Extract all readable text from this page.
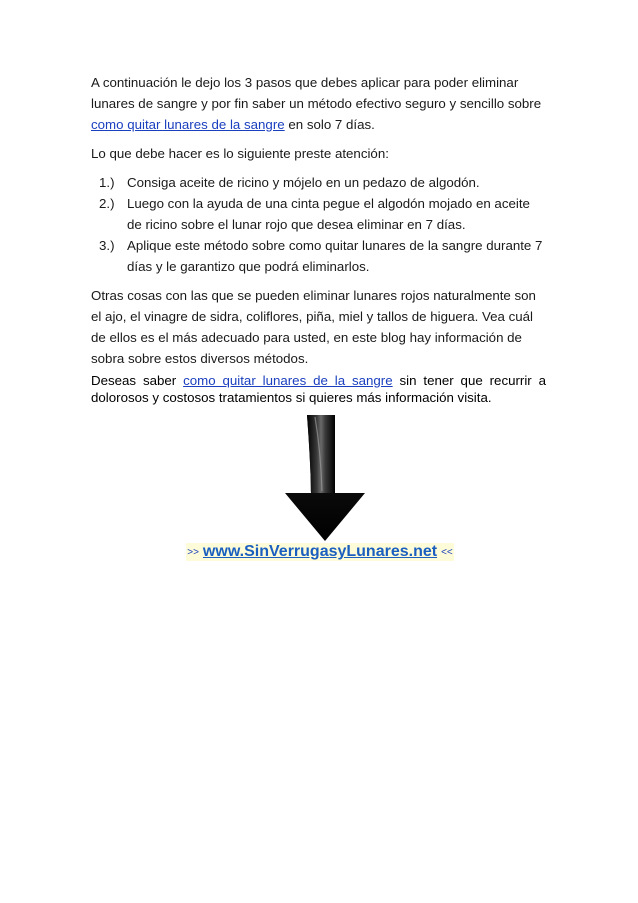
A continuación le dejo los 3 pasos que debes aplicar para poder eliminar lunares de sangre y por fin saber un método efectivo seguro y sencillo sobre como quitar lunares de la sangre en solo 7 días.

Lo que debe hacer es lo siguiente preste atención:

1.) Consiga aceite de ricino y mójelo en un pedazo de algodón.
2.) Luego con la ayuda de una cinta pegue el algodón mojado en aceite de ricino sobre el lunar rojo que desea eliminar en 7 días.
3.) Aplique este método sobre como quitar lunares de la sangre durante 7 días y le garantizo que podrá eliminarlos.

Otras cosas con las que se pueden eliminar lunares rojos naturalmente son el ajo, el vinagre de sidra, coliflores, piña, miel y tallos de higuera. Vea cuál de ellos es el más adecuado para usted, en este blog hay información de sobra sobre estos diversos métodos.

Deseas saber como quitar lunares de la sangre sin tener que recurrir a dolorosos y costosos tratamientos si quieres más información visita.

>> www.SinVerrugasyLunares.net <<
